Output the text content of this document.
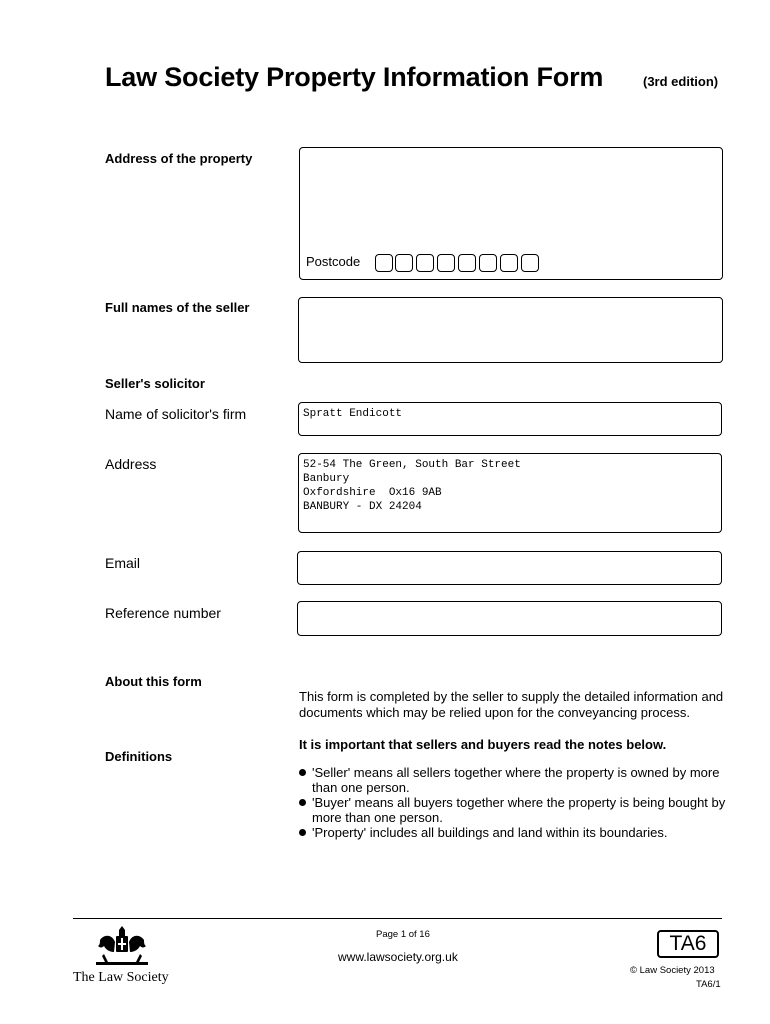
Law Society Property Information Form	(3rd edition)
Address of the property
Postcode
Full names of the seller
Seller's solicitor
Name of solicitor's firm	Spratt Endicott
Address	52-54 The Green, South Bar Street
Banbury
Oxfordshire  Ox16 9AB
BANBURY - DX 24204
Email
Reference number
About this form
This form is completed by the seller to supply the detailed information and documents which may be relied upon for the conveyancing process.
It is important that sellers and buyers read the notes below.
Definitions
'Seller' means all sellers together where the property is owned by more than one person.
'Buyer' means all buyers together where the property is being bought by more than one person.
'Property' includes all buildings and land within its boundaries.
The Law Society
Page 1 of 16
www.lawsociety.org.uk
TA6
© Law Society 2013
TA6/1
